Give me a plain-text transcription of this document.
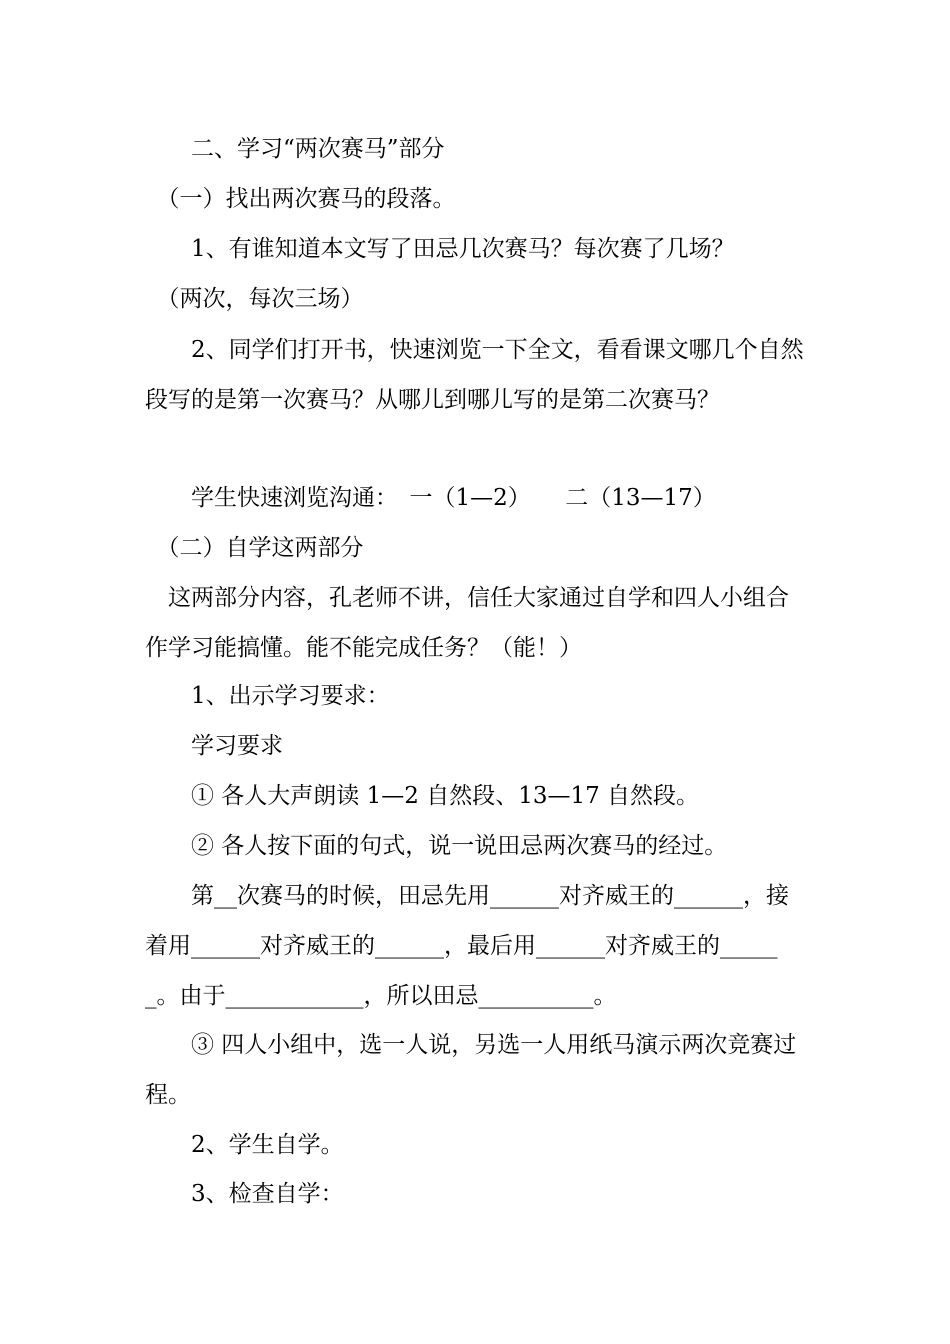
　　二、学习“两次赛马”部分

　（一）找出两次赛马的段落。

　　1、有谁知道本文写了田忌几次赛马？每次赛了几场？

　（两次，每次三场）

　　2、同学们打开书，快速浏览一下全文，看看课文哪几个自然段写的是第一次赛马？从哪儿到哪儿写的是第二次赛马？

　　学生快速浏览沟通：　一（1—2）　　二（13—17）

　（二）自学这两部分

　这两部分内容，孔老师不讲，信任大家通过自学和四人小组合作学习能搞懂。能不能完成任务？（能！）

　　1、出示学习要求：

　　学习要求

　　① 各人大声朗读 1—2 自然段、13—17 自然段。

　　② 各人按下面的句式，说一说田忌两次赛马的经过。

　　第__次赛马的时候，田忌先用______对齐威王的______，接着用______对齐威王的______，最后用______对齐威王的______。由于____________，所以田忌__________。

　　③ 四人小组中，选一人说，另选一人用纸马演示两次竞赛过程。

　　2、学生自学。

　　3、检查自学：
